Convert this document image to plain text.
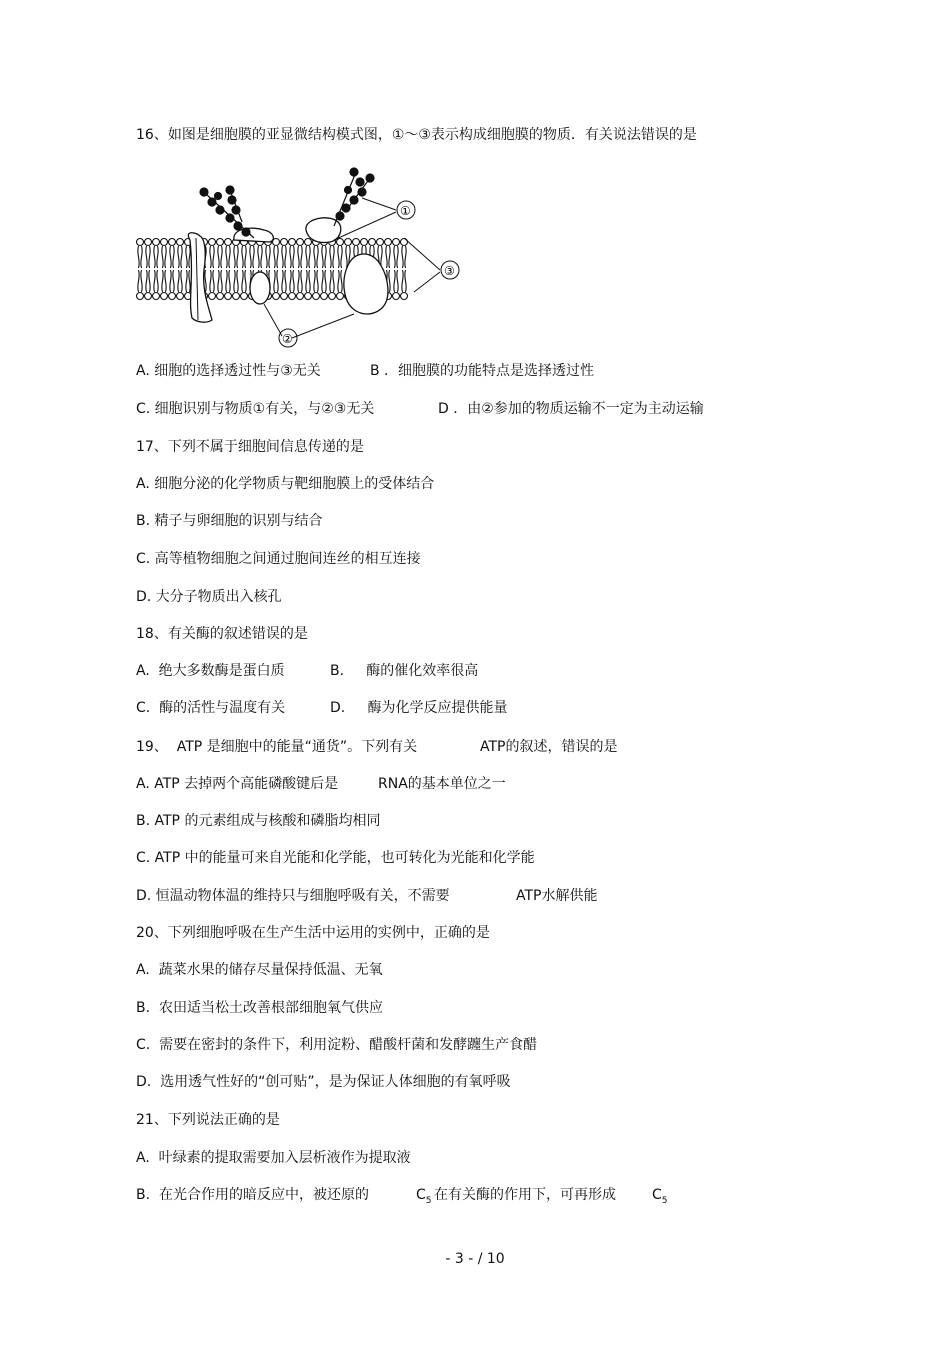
16、如图是细胞膜的亚显微结构模式图，①～③表示构成细胞膜的物质．有关说法错误的是
①
③
②
A. 细胞的选择透过性与③无关	B ．细胞膜的功能特点是选择透过性
C. 细胞识别与物质①有关，与②③无关	D ．由②参加的物质运输不一定为主动运输
17、下列不属于细胞间信息传递的是
A. 细胞分泌的化学物质与靶细胞膜上的受体结合
B. 精子与卵细胞的识别与结合
C. 高等植物细胞之间通过胞间连丝的相互连接
D. 大分子物质出入核孔
18、有关酶的叙述错误的是
A.  绝大多数酶是蛋白质	B.     酶的催化效率很高
C.  酶的活性与温度有关	D.     酶为化学反应提供能量
19、  ATP 是细胞中的能量“通货”。下列有关	ATP的叙述，错误的是
A. ATP 去掉两个高能磷酸键后是	RNA的基本单位之一
B. ATP 的元素组成与核酸和磷脂均相同
C. ATP 中的能量可来自光能和化学能，也可转化为光能和化学能
D. 恒温动物体温的维持只与细胞呼吸有关，不需要	ATP水解供能
20、下列细胞呼吸在生产生活中运用的实例中，正确的是
A.  蔬菜水果的储存尽量保持低温、无氧
B.  农田适当松土改善根部细胞氧气供应
C.  需要在密封的条件下，利用淀粉、醋酸杆菌和发酵躔生产食醋
D.  选用透气性好的“创可贴”，是为保证人体细胞的有氧呼吸
21、下列说法正确的是
A.  叶绿素的提取需要加入层析液作为提取液
B.  在光合作用的暗反应中，被还原的	$C_5$ 在有关酶的作用下，可再形成	$C_5$
- 3 - / 10
